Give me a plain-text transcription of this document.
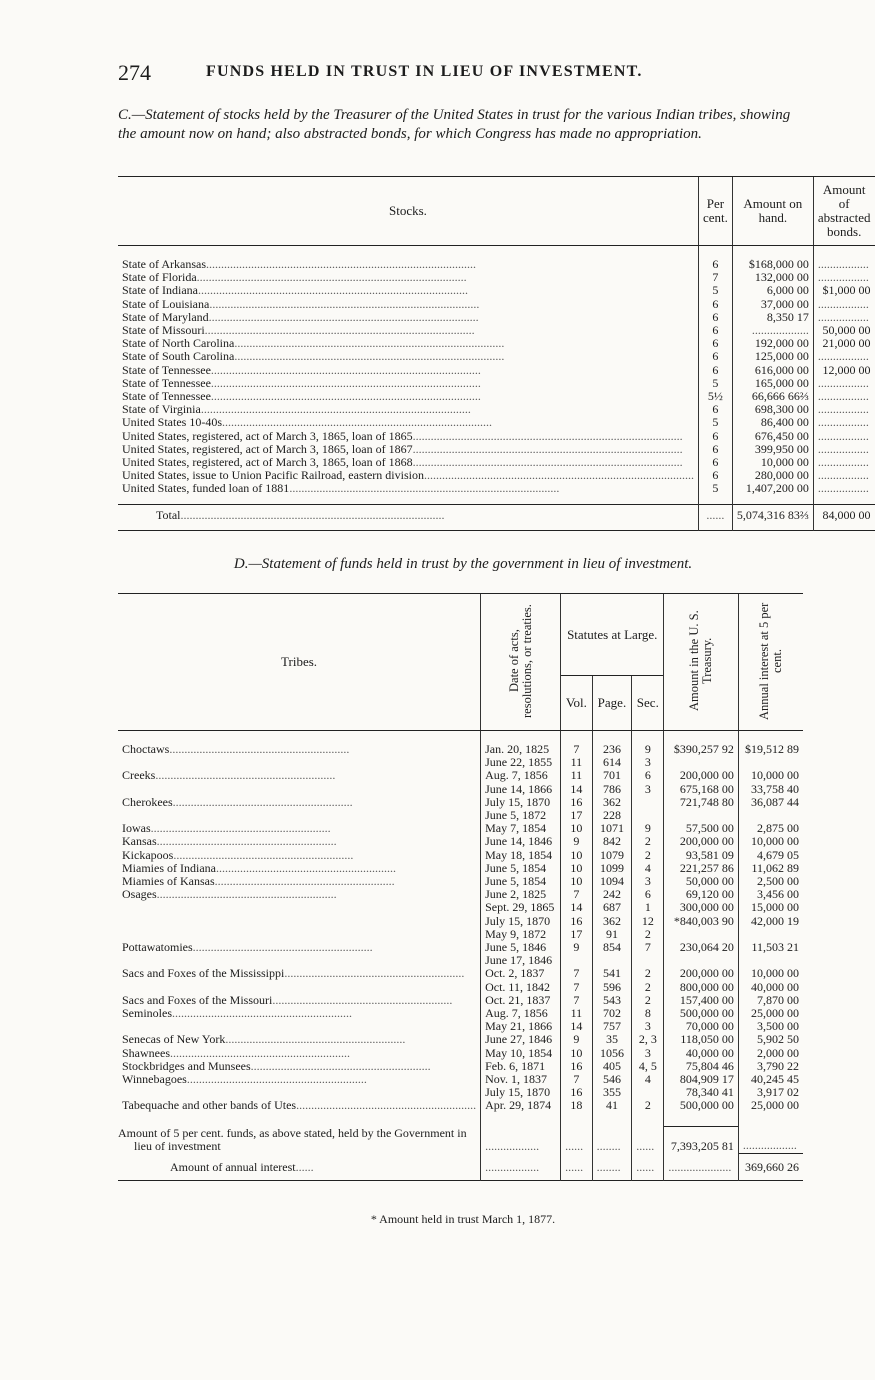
274	FUNDS HELD IN TRUST IN LIEU OF INVESTMENT.
C.—Statement of stocks held by the Treasurer of the United States in trust for the various Indian tribes, showing the amount now on hand; also abstracted bonds, for which Congress has made no appropriation.
Stocks.	Per cent.	Amount on hand.	Amount of abstracted bonds.

State of Arkansas..........................................................................................	6	$168,000 00	.................
State of Florida..........................................................................................	7	132,000 00	.................
State of Indiana..........................................................................................	5	6,000 00	$1,000 00
State of Louisiana..........................................................................................	6	37,000 00	.................
State of Maryland..........................................................................................	6	8,350 17	.................
State of Missouri..........................................................................................	6	...................	50,000 00
State of North Carolina..........................................................................................	6	192,000 00	21,000 00
State of South Carolina..........................................................................................	6	125,000 00	.................
State of Tennessee..........................................................................................	6	616,000 00	12,000 00
State of Tennessee..........................................................................................	5	165,000 00	.................
State of Tennessee..........................................................................................	5½	66,666 66⅔	.................
State of Virginia..........................................................................................	6	698,300 00	.................
United States 10-40s..........................................................................................	5	86,400 00	.................
United States, registered, act of March 3, 1865, loan of 1865..........................................................................................	6	676,450 00	.................
United States, registered, act of March 3, 1865, loan of 1867..........................................................................................	6	399,950 00	.................
United States, registered, act of March 3, 1865, loan of 1868..........................................................................................	6	10,000 00	.................
United States, issue to Union Pacific Railroad, eastern division..........................................................................................	6	280,000 00	.................
United States, funded loan of 1881..........................................................................................	5	1,407,200 00	.................

Total........................................................................................	......	5,074,316 83⅔	84,000 00

D.—Statement of funds held in trust by the government in lieu of investment.
Tribes.	Date of acts, resolutions, or treaties.	Statutes at Large.			Amount in the U. S. Treasury.	Annual interest at 5 per cent.
		Vol.	Page.	Sec.		

Choctaws............................................................	Jan. 20, 1825	7	236	9	$390,257 92	$19,512 89
	June 22, 1855	11	614	3		
Creeks............................................................	Aug. 7, 1856	11	701	6	200,000 00	10,000 00
	June 14, 1866	14	786	3	675,168 00	33,758 40
Cherokees............................................................	July 15, 1870	16	362		721,748 80	36,087 44
	June 5, 1872	17	228			
Iowas............................................................	May 7, 1854	10	1071	9	57,500 00	2,875 00
Kansas............................................................	June 14, 1846	9	842	2	200,000 00	10,000 00
Kickapoos............................................................	May 18, 1854	10	1079	2	93,581 09	4,679 05
Miamies of Indiana............................................................	June 5, 1854	10	1099	4	221,257 86	11,062 89
Miamies of Kansas............................................................	June 5, 1854	10	1094	3	50,000 00	2,500 00
Osages............................................................	June 2, 1825	7	242	6	69,120 00	3,456 00
	Sept. 29, 1865	14	687	1	300,000 00	15,000 00
	July 15, 1870	16	362	12	*840,003 90	42,000 19
	May 9, 1872	17	91	2		
Pottawatomies............................................................	June 5, 1846	9	854	7	230,064 20	11,503 21
	June 17, 1846					
Sacs and Foxes of the Mississippi............................................................	Oct. 2, 1837	7	541	2	200,000 00	10,000 00
	Oct. 11, 1842	7	596	2	800,000 00	40,000 00
Sacs and Foxes of the Missouri............................................................	Oct. 21, 1837	7	543	2	157,400 00	7,870 00
Seminoles............................................................	Aug. 7, 1856	11	702	8	500,000 00	25,000 00
	May 21, 1866	14	757	3	70,000 00	3,500 00
Senecas of New York............................................................	June 27, 1846	9	35	2, 3	118,050 00	5,902 50
Shawnees............................................................	May 10, 1854	10	1056	3	40,000 00	2,000 00
Stockbridges and Munsees............................................................	Feb. 6, 1871	16	405	4, 5	75,804 46	3,790 22
Winnebagoes............................................................	Nov. 1, 1837	7	546	4	804,909 17	40,245 45
	July 15, 1870	16	355		78,340 41	3,917 02
Tabequache and other bands of Utes............................................................	Apr. 29, 1874	18	41	2	500,000 00	25,000 00

Amount of 5 per cent. funds, as above stated, held by the Government in lieu of investment	..................	......	........	......	7,393,205 81	..................

Amount of annual interest......	..................	......	........	......	.....................	369,660 26

* Amount held in trust March 1, 1877.
